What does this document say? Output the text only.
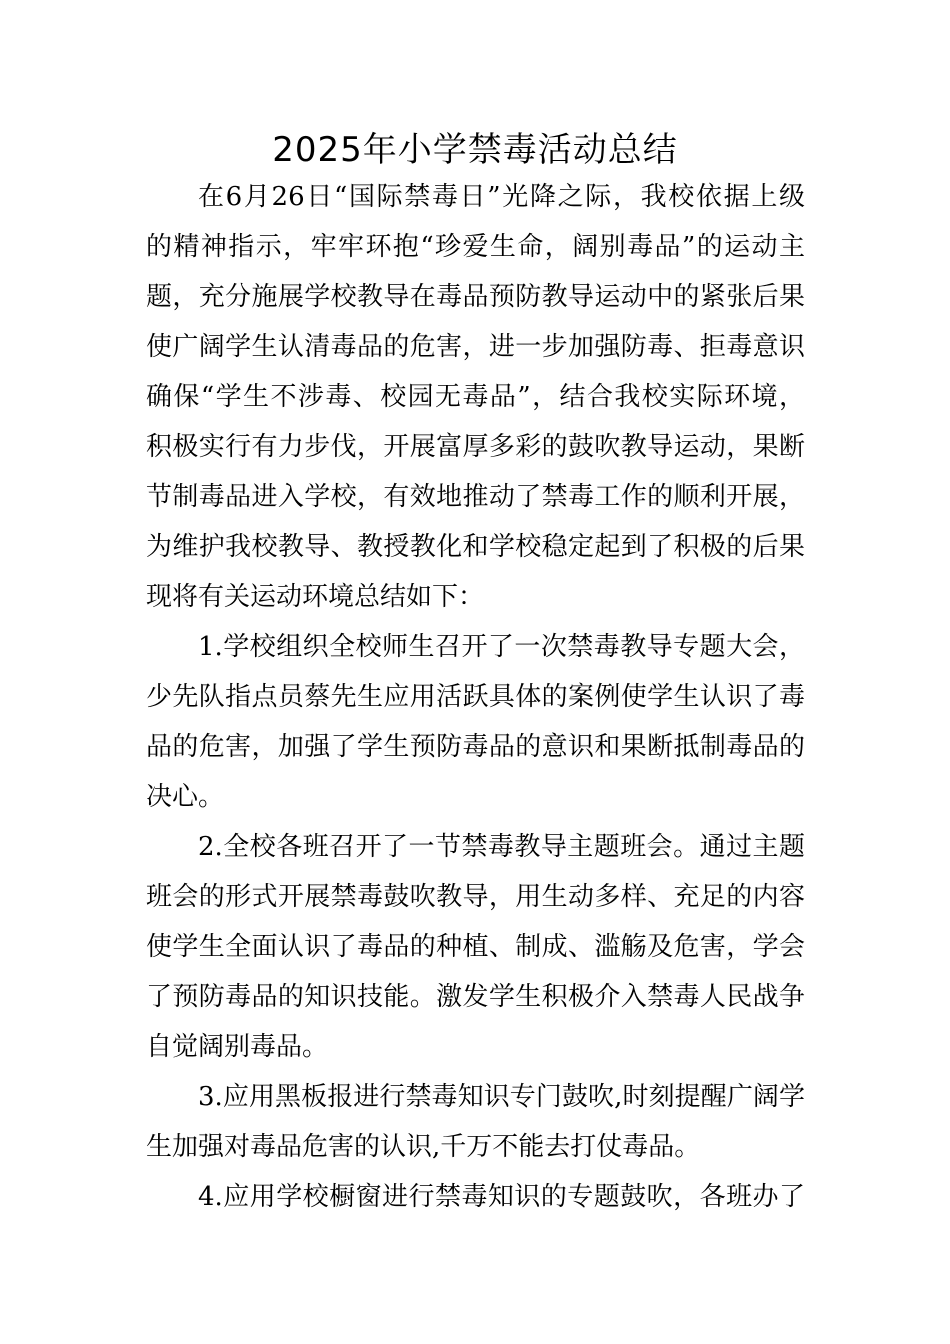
2025年小学禁毒活动总结
在6月26日“国际禁毒日”光降之际，我校依据上级
的精神指示，牢牢环抱“珍爱生命，阔别毒品”的运动主
题，充分施展学校教导在毒品预防教导运动中的紧张后果
使广阔学生认清毒品的危害，进一步加强防毒、拒毒意识
确保“学生不涉毒、校园无毒品”，结合我校实际环境，
积极实行有力步伐，开展富厚多彩的鼓吹教导运动，果断
节制毒品进入学校，有效地推动了禁毒工作的顺利开展，
为维护我校教导、教授教化和学校稳定起到了积极的后果
现将有关运动环境总结如下：
1.学校组织全校师生召开了一次禁毒教导专题大会，
少先队指点员蔡先生应用活跃具体的案例使学生认识了毒
品的危害，加强了学生预防毒品的意识和果断抵制毒品的
决心。
2.全校各班召开了一节禁毒教导主题班会。通过主题
班会的形式开展禁毒鼓吹教导，用生动多样、充足的内容
使学生全面认识了毒品的种植、制成、滥觞及危害，学会
了预防毒品的知识技能。激发学生积极介入禁毒人民战争
自觉阔别毒品。
3.应用黑板报进行禁毒知识专门鼓吹,时刻提醒广阔学
生加强对毒品危害的认识,千万不能去打仗毒品。
4.应用学校橱窗进行禁毒知识的专题鼓吹，各班办了
